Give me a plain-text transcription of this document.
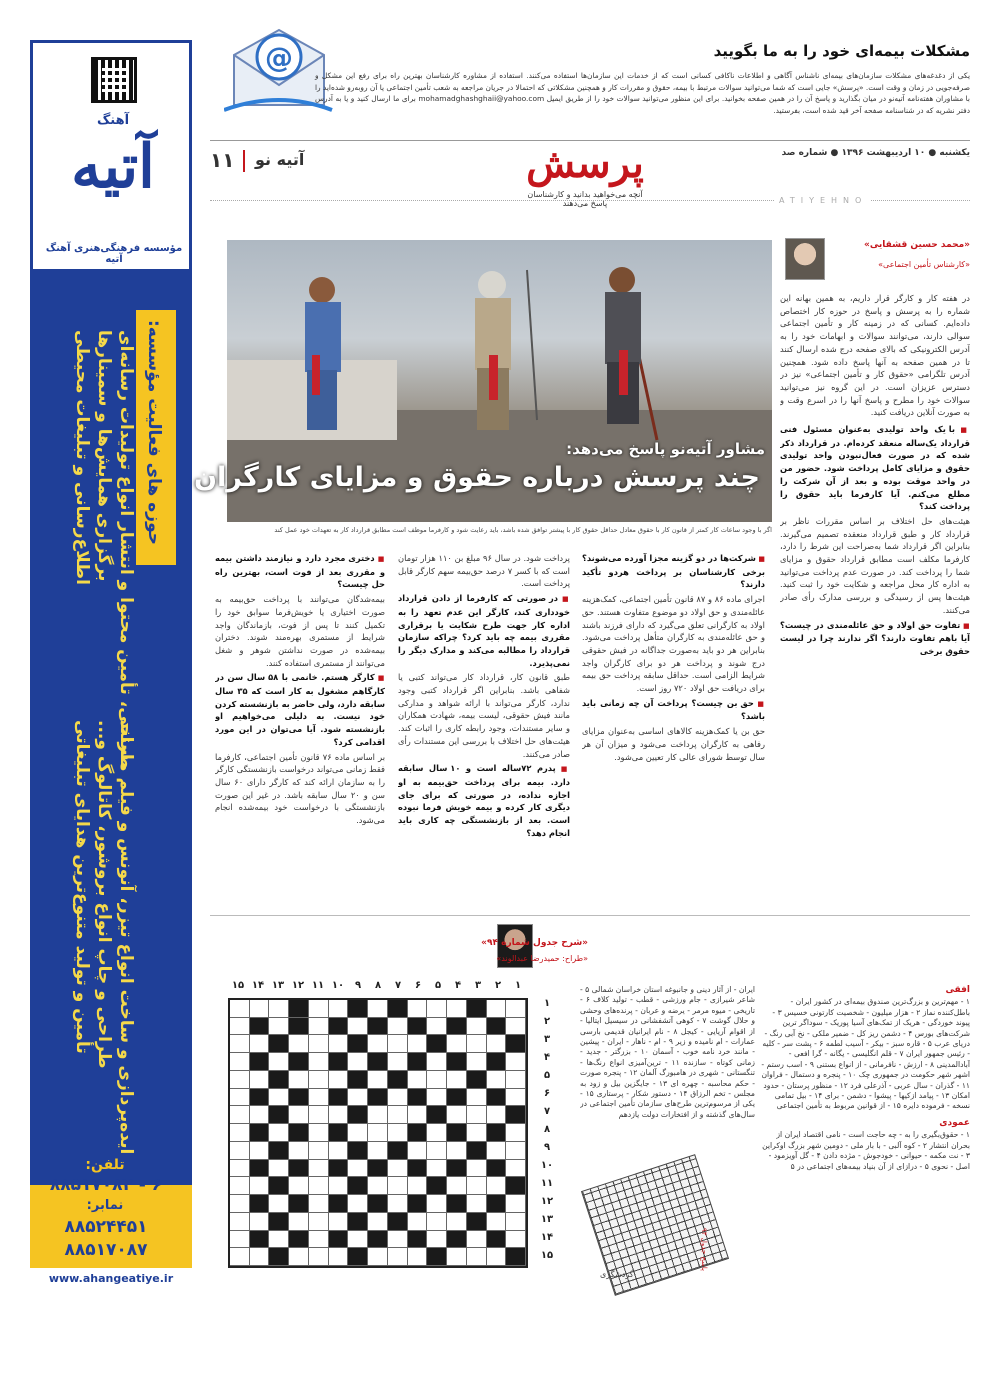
آهنگ
آتیه
مؤسسه فرهنگی‌هنری آهنگ آتیه
حوزه های فعالیت مؤسسه:
طراحی، تأمین محتوا و انتشار انواع تولیدات رسانه‌ای
برگزاری همایش‌ها و سمینارها
اطلاع‌رسانی و تبلیغات محیطی
ایده‌پردازی و ساخت انواع تیزر، آنونس و فیلم مستند
طراحی و چاپ انواع بروشور، کاتالوگ و...
تأمین و تولید متنوع‌ترین هدایای تبلیغاتی
تلفن:
۶ - ۸۸۵۱۷۰۸۲
نمابر:
۸۸۵۲۴۴۵۱
۸۸۵۱۷۰۸۷
www.ahangeatiye.ir
@	مشکلات بیمه‌ای خود را به ما بگویید
یکی از دغدغه‌های مشکلات سازمان‌های بیمه‌ای ناشناس آگاهی و اطلاعات ناکافی کسانی است که از خدمات این سازمان‌ها استفاده می‌کنند. استفاده از مشاوره کارشناسان بهترین راه برای رفع این مشکل و صرفه‌جویی در زمان و وقت است. «پرسش» جایی است که شما می‌توانید سوالات مرتبط با بیمه، حقوق و مقررات کار و همچنین مشکلاتی که احتمالا در جریان مراجعه به شعب تأمین اجتماعی یا آن روبه‌رو شده‌اید را با مشاوران هفته‌نامه آتیه‌نو در میان بگذارید و پاسخ آن را در همین صفحه بخوانید. برای این منظور می‌توانید سوالات خود را از طریق ایمیل mohamadghashghaii@yahoo.com برای ما ارسال کنید و یا به آدرس دفتر نشریه که در شناسنامه صفحه آخر قید شده است، بفرستید.
یکشنبه ● ۱۰ اردیبهشت ۱۳۹۶ ● شماره صد
پرسش
آنچه می‌خواهید بدانید و کارشناسان پاسخ می‌دهند
آتیه نو
۱۱
ATIYEHNO
مشاور آتیه‌نو پاسخ می‌دهد:
چند پرسش درباره حقوق و مزایای کارگران
اگر با وجود ساعات کار کمتر از قانون کار با حقوق معادل حداقل حقوق کار با پیشتر توافق شده باشد، باید رعایت شود و کارفرما موظف است مطابق قرارداد کار به تعهدات خود عمل کند
«محمد حسین قشقایی»
«کارشناس تأمین اجتماعی»

در هفته کار و کارگر قرار داریم، به همین بهانه این شماره را به پرسش و پاسخ در حوزه کار اختصاص داده‌ایم. کسانی که در زمینه کار و تأمین اجتماعی سوالی دارند، می‌توانند سوالات و ابهامات خود را به آدرس الکترونیکی که بالای صفحه درج شده ارسال کنند تا در همین صفحه به آنها پاسخ داده شود. همچنین آدرس تلگرامی «حقوق کار و تأمین اجتماعی» نیز در دسترس عزیزان است. در این گروه نیز می‌توانید سوالات خود را مطرح و پاسخ آنها را در اسرع وقت و به صورت آنلاین دریافت کنید.

■ با یک واحد تولیدی به‌عنوان مسئول فنی قرارداد یک‌ساله منعقد کرده‌ام. در قرارداد ذکر شده که در صورت فعال‌نبودن واحد تولیدی حقوق و مزایای کامل پرداخت شود. حضور من در واحد موقت بوده و بعد از آن شرکت را مطلع می‌کنم. آیا کارفرما باید حقوق را پرداخت کند؟

هیئت‌های حل اختلاف بر اساس مقررات ناظر بر قرارداد کار و طبق قرارداد منعقده تصمیم می‌گیرند. بنابراین اگر قرارداد شما به‌صراحت این شرط را دارد، کارفرما مکلف است مطابق قرارداد حقوق و مزایای شما را پرداخت کند. در صورت عدم پرداخت می‌توانید به اداره کار محل مراجعه و شکایت خود را ثبت کنید. هیئت‌ها پس از رسیدگی و بررسی مدارک رأی صادر می‌کنند.

■ تفاوت حق اولاد و حق عائله‌مندی در چیست؟ آیا باهم تفاوت دارند؟ اگر ندارند چرا در لیست حقوق برخی

■ شرکت‌ها در دو گزینه مجزا آورده می‌شوند؟ برخی کارشناسان بر پرداخت هردو تأکید دارند؟

اجرای ماده ۸۶ و ۸۷ قانون تأمین اجتماعی، کمک‌هزینه عائله‌مندی و حق اولاد دو موضوع متفاوت هستند. حق اولاد به کارگرانی تعلق می‌گیرد که دارای فرزند باشند و حق عائله‌مندی به کارگران متأهل پرداخت می‌شود. بنابراین هر دو باید به‌صورت جداگانه در فیش حقوقی درج شوند و پرداخت هر دو برای کارگران واجد شرایط الزامی است. حداقل سابقه پرداخت حق بیمه برای دریافت حق اولاد ۷۲۰ روز است.

■ حق بن چیست؟ پرداخت آن چه زمانی باید باشد؟

حق بن یا کمک‌هزینه کالاهای اساسی به‌عنوان مزایای رفاهی به کارگران پرداخت می‌شود و میزان آن هر سال توسط شورای عالی کار تعیین می‌شود.

پرداخت شود. در سال ۹۶ مبلغ بن ۱۱۰ هزار تومان است که با کسر ۷ درصد حق‌بیمه سهم کارگر قابل پرداخت است.

■ در صورتی که کارفرما از دادن قرارداد خودداری کند، کارگر این عدم تعهد را به اداره کار جهت طرح شکایت یا برقراری مقرری بیمه چه باید کرد؟ چراکه سازمان قرارداد را مطالبه می‌کند و مدارک دیگر را نمی‌پذیرد.

طبق قانون کار، قرارداد کار می‌تواند کتبی یا شفاهی باشد. بنابراین اگر قرارداد کتبی وجود ندارد، کارگر می‌تواند با ارائه شواهد و مدارکی مانند فیش حقوقی، لیست بیمه، شهادت همکاران و سایر مستندات، وجود رابطه کاری را اثبات کند. هیئت‌های حل اختلاف با بررسی این مستندات رأی صادر می‌کنند.

■ پدرم ۷۲ساله است و ۱۰ سال سابقه دارد. بیمه برای پرداخت حق‌بیمه به او اجازه نداده، در صورتی که برای جای دیگری کار کرده و بیمه خویش فرما نبوده است. بعد از بازنشستگی چه کاری باید انجام دهد؟

■ دختری مجرد دارد و نیازمند داشتن بیمه و مقرری بعد از فوت است، بهترین راه حل چیست؟

بیمه‌شدگان می‌توانند با پرداخت حق‌بیمه به صورت اختیاری یا خویش‌فرما سوابق خود را تکمیل کنند تا پس از فوت، بازماندگان واجد شرایط از مستمری بهره‌مند شوند. دختران بیمه‌شده در صورت نداشتن شوهر و شغل می‌توانند از مستمری استفاده کنند.

■ کارگر هستم. خانمی با ۵۸ سال سن در کارگاهم مشغول به کار است که ۳۵ سال سابقه دارد، ولی حاضر به بازنشسته کردن خود نیست. به دلیلی می‌خواهیم او بازنشسته شود. آیا می‌توان در این مورد اقدامی کرد؟

بر اساس ماده ۷۶ قانون تأمین اجتماعی، کارفرما فقط زمانی می‌تواند درخواست بازنشستگی کارگر را به سازمان ارائه کند که کارگر دارای ۶۰ سال سن و ۲۰ سال سابقه باشد. در غیر این صورت بازنشستگی با درخواست خود بیمه‌شده انجام می‌شود.

«شرح جدول شماره ۹۴»
«طراح: حمیدرضا عبدالوند»
۱
۲
۳
۴
۵
۶
۷
۸
۹
۱۰
۱۱
۱۲
۱۳
۱۴
۱۵
۱
۲
۳
۴
۵
۶
۷
۸
۹
۱۰
۱۱
۱۲
۱۳
۱۴
۱۵
ایران - از آثار دینی و جانبوغه استان خراسان شمالی ۵ - شاعر شیرازی - جام ورزشی - قطب - تولید کلاف ۶ - تاریخی - میوه مرمر - یرضه و عربان - پرنده‌های وحشی و حلال گوشت ۷ - کوهی آتشفشانی در سیسیل ایتالیا - از اقوام آریایی - کیجل ۸ - نام ایرانیان قدیمی بارسی عمارات - ام نامیده و زیر ۹ - ام - ناهار - ایران - پیشین - مانند خرد نامه خوب - آسمان ۱۰ - بزرگتر - جدید - زمانی کوتاه - سازنده ۱۱ - ترین‌آمیزی انواع رنگ‌ها - تنگستانی - شهری در هامبورگ آلمان ۱۲ - پنجره صورت - حکم محاسبه - چهره ای ۱۳ - جایگزین بیل و زود به مجلس - تخم الرزاق ۱۴ - دستور شکار - پرستاری ۱۵ - یکی از مرسوم‌ترین طرح‌های سازمان تأمین اجتماعی در سال‌های گذشته و از افتخارات دولت یازدهم
پاسخ جدول ۹۳
گردشگری
افقی
۱ - مهم‌ترین و بزرگ‌ترین صندوق بیمه‌ای در کشور ایران - باطل‌کننده نماز ۲ - هزار میلیون - شخصیت کارتونی خسیس ۳ - پیوند خوردگی - هریک از تمک‌های آسیا پوریک - سوداگر ترین شرکت‌های بورس ۴ - دشمن ریز کل - ضمیر ملکی - نخ آبی رنگ - دریای عرب ۵ - قاره سبز - بیکر - آسیب لطمه ۶ - پشت سر - کلیه - رئیس جمهور ایران ۷ - قلم انگلیسی - یگانه - گرا افعی - آبادالمدینی ۸ - ارزش - نافرمانی - از انواع بستنی ۹ - اسب رستم - اشهر شهر حکومت در جمهوری چک ۱۰ - پنجره و دستمال - فراوان ۱۱ - گذران - سال عربی - آذرعلی فرد ۱۲ - منظور پرستان - حدود امکان ۱۳ - پیامد ازکیها - پیشوا - دشمن - برای ۱۴ - بیل تمامی نسخه - فرموده دایره ۱۵ - از قوانین مربوط به تأمین اجتماعی
عمودی
۱ - حقوق‌بگیری را به - چه حاجت است - نامی اقتصاد ایران از بحران انتشار ۲ - کوه آلبی - با بار ملی - دومین شهر بزرگ اوکراین ۳ - نت مکمه - حیوانی - خودجوش - مژده دادن ۴ - گل آویزمود - اصل - نحوی ۵ - درازای از آن بنیاد بیمه‌های اجتماعی در ۵
